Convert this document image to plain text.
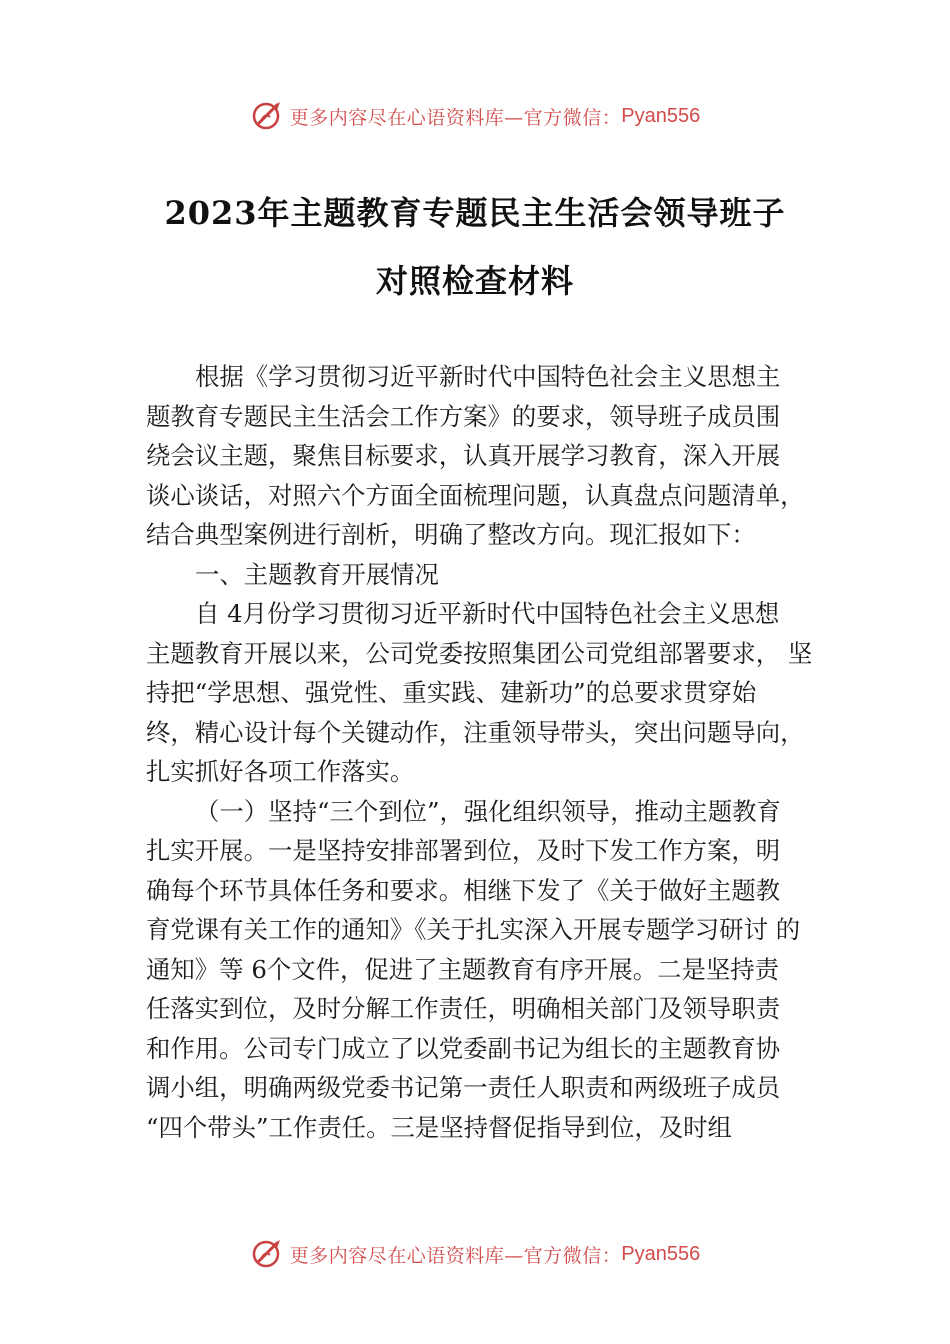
更多内容尽在心语资料库—官方微信： Pyan556
2023年主题教育专题民主生活会领导班子
对照检查材料
根据《学习贯彻习近平新时代中国特色社会主义思想主
题教育专题民主生活会工作方案》的要求，领导班子成员围
绕会议主题，聚焦目标要求，认真开展学习教育，深入开展
谈心谈话，对照六个方面全面梳理问题，认真盘点问题清单，
结合典型案例进行剖析，明确了整改方向。现汇报如下：
一、主题教育开展情况
自 4月份学习贯彻习近平新时代中国特色社会主义思想
主题教育开展以来，公司党委按照集团公司党组部署要求， 坚
持把“学思想、强党性、重实践、建新功”的总要求贯穿始
终，精心设计每个关键动作，注重领导带头，突出问题导向，
扎实抓好各项工作落实。
（一）坚持“三个到位”，强化组织领导，推动主题教育
扎实开展。一是坚持安排部署到位，及时下发工作方案，明
确每个环节具体任务和要求。相继下发了《关于做好主题教
育党课有关工作的通知》《关于扎实深入开展专题学习研讨 的
通知》等 6个文件，促进了主题教育有序开展。二是坚持责
任落实到位，及时分解工作责任，明确相关部门及领导职责
和作用。公司专门成立了以党委副书记为组长的主题教育协
调小组，明确两级党委书记第一责任人职责和两级班子成员
“四个带头”工作责任。三是坚持督促指导到位，及时组
更多内容尽在心语资料库—官方微信： Pyan556
